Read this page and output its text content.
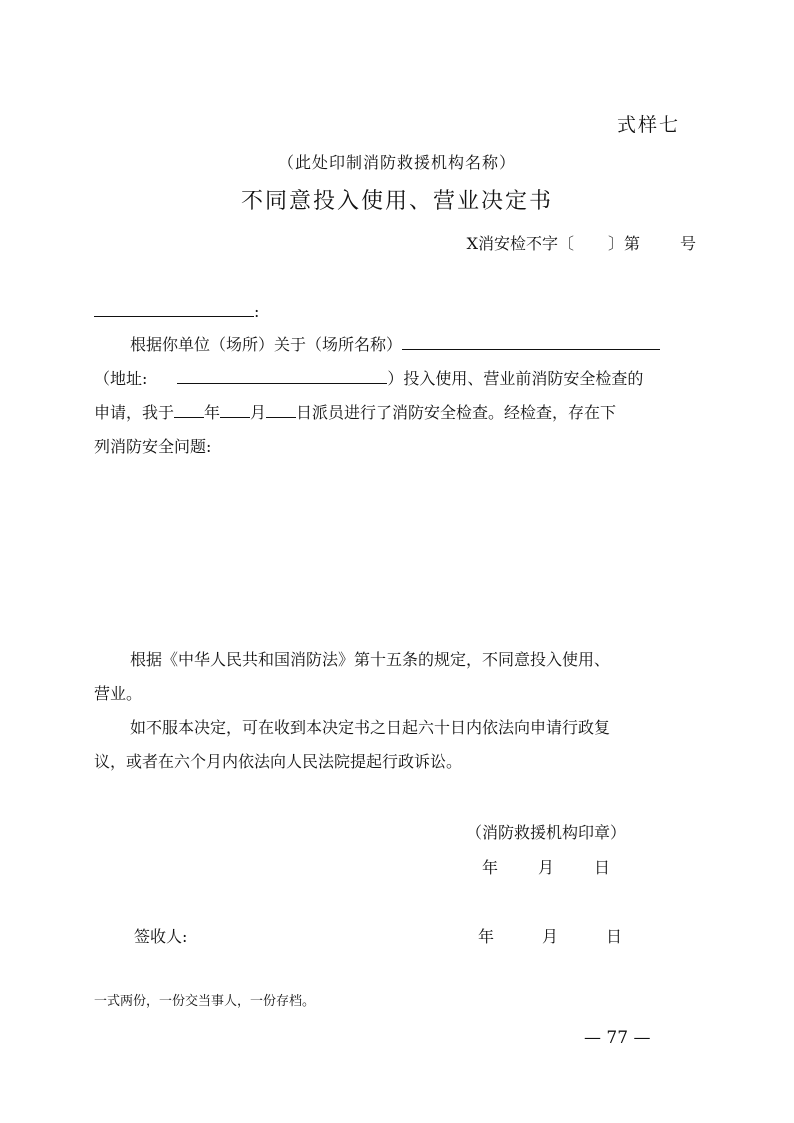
式样七
（此处印制消防救援机构名称）
不同意投入使用、营业决定书
X消安检不字〔 〕第	号
:
根据你单位（场所）关于（场所名称）
（地址:	）投入使用、营业前消防安全检查的
申请，我于 年 月 日派员进行了消防安全检查。经检查，存在下
列消防安全问题:
根据《中华人民共和国消防法》第十五条的规定，不同意投入使用、
营业。
如不服本决定，可在收到本决定书之日起六十日内依法向申请行政复
议，或者在六个月内依法向人民法院提起行政诉讼。
（消防救援机构印章）
年	月	日
签收人:	年	月	日
一式两份，一份交当事人，一份存档。
— 77 —
